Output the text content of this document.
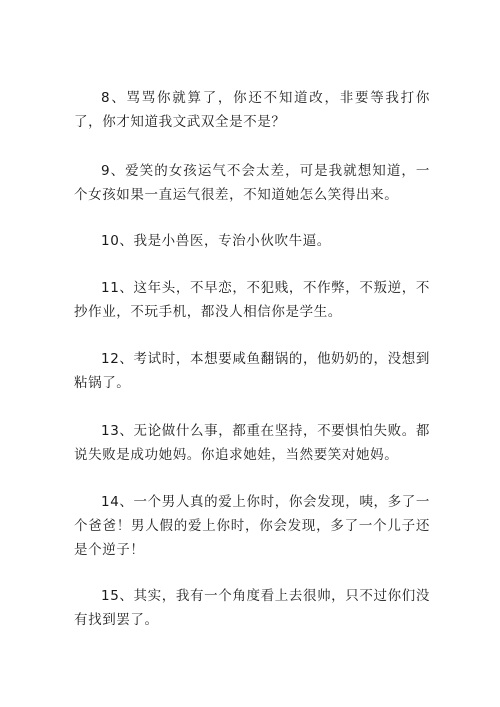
8、骂骂你就算了，你还不知道改，非要等我打你了，你才知道我文武双全是不是？

9、爱笑的女孩运气不会太差，可是我就想知道，一个女孩如果一直运气很差，不知道她怎么笑得出来。

10、我是小兽医，专治小伙吹牛逼。

11、这年头，不早恋，不犯贱，不作弊，不叛逆，不抄作业，不玩手机，都没人相信你是学生。

12、考试时，本想要咸鱼翻锅的，他奶奶的，没想到粘锅了。

13、无论做什么事，都重在坚持，不要惧怕失败。都说失败是成功她妈。你追求她娃，当然要笑对她妈。

14、一个男人真的爱上你时，你会发现，咦，多了一个爸爸！男人假的爱上你时，你会发现，多了一个儿子还是个逆子！

15、其实，我有一个角度看上去很帅，只不过你们没有找到罢了。
